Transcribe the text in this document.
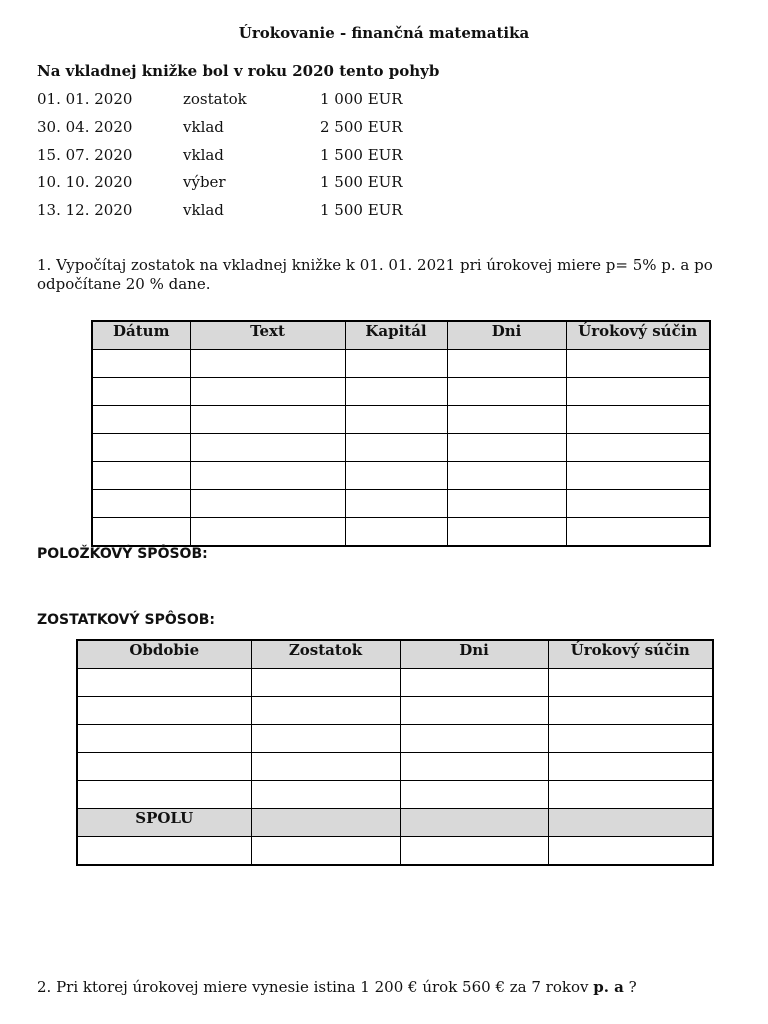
Úrokovanie - finančná matematika
Na vkladnej knižke bol v roku 2020 tento pohyb
01. 01. 2020	zostatok	1 000 EUR
30. 04. 2020	vklad	2 500 EUR
15. 07. 2020	vklad	1 500 EUR
10. 10. 2020	výber	1 500 EUR
13. 12. 2020	vklad	1 500 EUR

1. Vypočítaj zostatok na vkladnej knižke k 01. 01. 2021 pri úrokovej miere p= 5% p. a po

odpočítane 20 % dane.

Dátum	Text	Kapitál	Dni	Úrokový súčin

POLOŽKOVÝ SPÔSOB:
ZOSTATKOVÝ SPÔSOB:
Obdobie	Zostatok	Dni	Úrokový súčin

SPOLU			

2. Pri ktorej úrokovej miere vynesie istina 1 200 € úrok 560 € za 7 rokov p. a ?
